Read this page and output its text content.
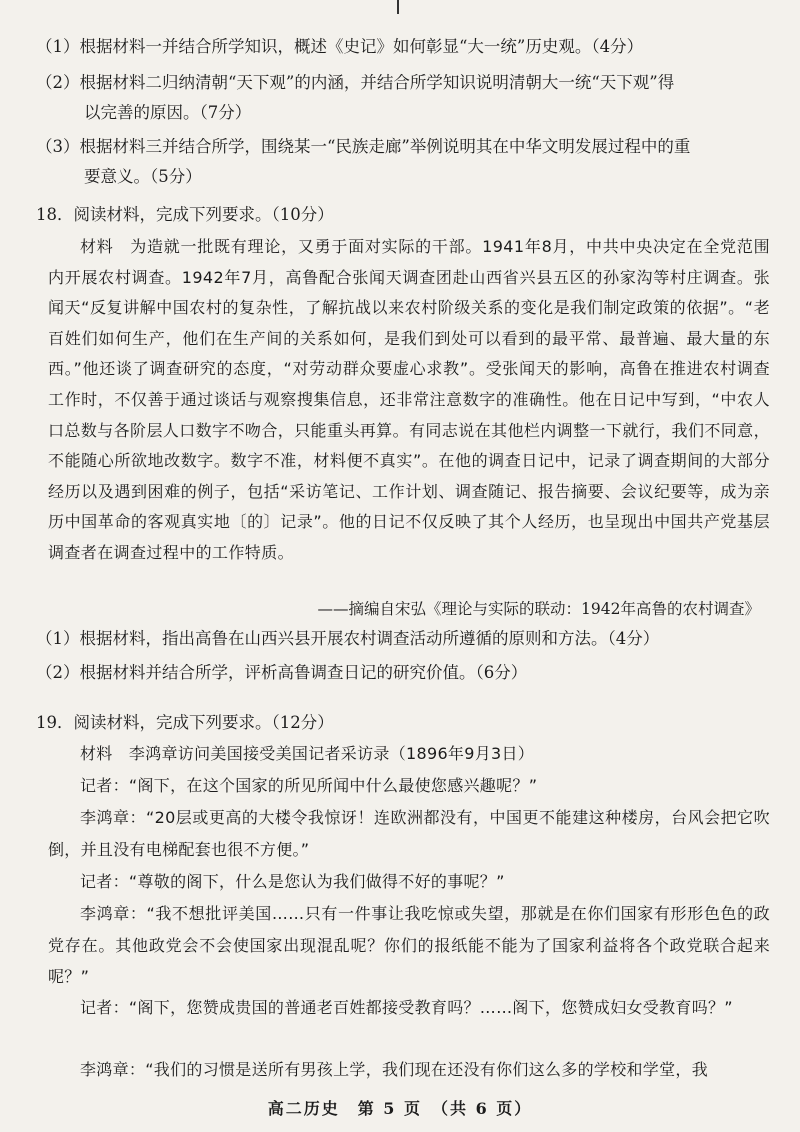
（1）根据材料一并结合所学知识，概述《史记》如何彰显“大一统”历史观。（4分）

（2）根据材料二归纳清朝“天下观”的内涵，并结合所学知识说明清朝大一统“天下观”得
以完善的原因。（7分）

（3）根据材料三并结合所学，围绕某一“民族走廊”举例说明其在中华文明发展过程中的重
要意义。（5分）

18．阅读材料，完成下列要求。（10分）

材料　为造就一批既有理论，又勇于面对实际的干部。1941年8月，中共中央决定在全党范围内开展农村调查。1942年7月，高鲁配合张闻天调查团赴山西省兴县五区的孙家沟等村庄调查。张闻天“反复讲解中国农村的复杂性，了解抗战以来农村阶级关系的变化是我们制定政策的依据”。“老百姓们如何生产，他们在生产间的关系如何，是我们到处可以看到的最平常、最普遍、最大量的东西。”他还谈了调查研究的态度，“对劳动群众要虚心求教”。受张闻天的影响，高鲁在推进农村调查工作时，不仅善于通过谈话与观察搜集信息，还非常注意数字的准确性。他在日记中写到，“中农人口总数与各阶层人口数字不吻合，只能重头再算。有同志说在其他栏内调整一下就行，我们不同意，不能随心所欲地改数字。数字不准，材料便不真实”。在他的调查日记中，记录了调查期间的大部分经历以及遇到困难的例子，包括“采访笔记、工作计划、调查随记、报告摘要、会议纪要等，成为亲历中国革命的客观真实地〔的〕记录”。他的日记不仅反映了其个人经历，也呈现出中国共产党基层调查者在调查过程中的工作特质。

——摘编自宋弘《理论与实际的联动：1942年高鲁的农村调查》

（1）根据材料，指出高鲁在山西兴县开展农村调查活动所遵循的原则和方法。（4分）

（2）根据材料并结合所学，评析高鲁调查日记的研究价值。（6分）

19．阅读材料，完成下列要求。（12分）

材料　李鸿章访问美国接受美国记者采访录（1896年9月3日）

记者：“阁下，在这个国家的所见所闻中什么最使您感兴趣呢？”

李鸿章：“20层或更高的大楼令我惊讶！连欧洲都没有，中国更不能建这种楼房，台风会把它吹倒，并且没有电梯配套也很不方便。”

记者：“尊敬的阁下，什么是您认为我们做得不好的事呢？”

李鸿章：“我不想批评美国……只有一件事让我吃惊或失望，那就是在你们国家有形形色色的政党存在。其他政党会不会使国家出现混乱呢？你们的报纸能不能为了国家利益将各个政党联合起来呢？”

记者：“阁下，您赞成贵国的普通老百姓都接受教育吗？……阁下，您赞成妇女受教育吗？”

李鸿章：“我们的习惯是送所有男孩上学，我们现在还没有你们这么多的学校和学堂，我

高二历史　第 5 页　（共 6 页）
